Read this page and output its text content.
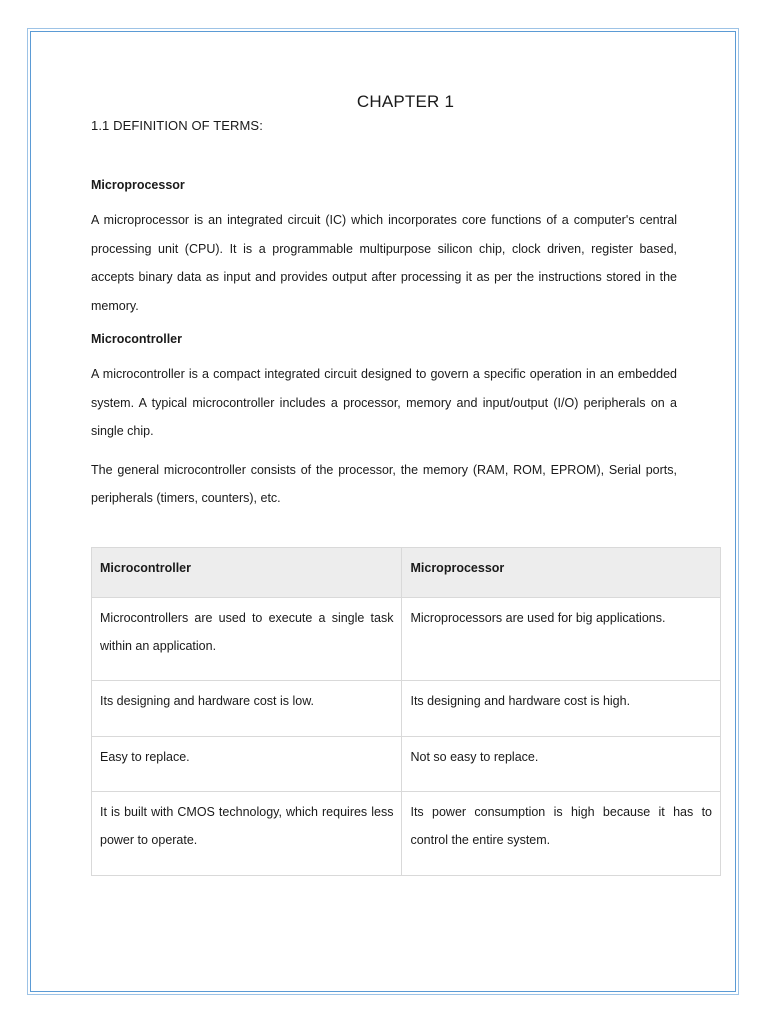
CHAPTER 1
1.1 DEFINITION OF TERMS:
Microprocessor

A microprocessor is an integrated circuit (IC) which incorporates core functions of a computer's central processing unit (CPU). It is a programmable multipurpose silicon chip, clock driven, register based, accepts binary data as input and provides output after processing it as per the instructions stored in the memory.

Microcontroller

A microcontroller is a compact integrated circuit designed to govern a specific operation in an embedded system. A typical microcontroller includes a processor, memory and input/output (I/O) peripherals on a single chip.

The general microcontroller consists of the processor, the memory (RAM, ROM, EPROM), Serial ports, peripherals (timers, counters), etc.

Microcontroller	Microprocessor
Microcontrollers are used to execute a single task within an application.	Microprocessors are used for big applications.
Its designing and hardware cost is low.	Its designing and hardware cost is high.
Easy to replace.	Not so easy to replace.
It is built with CMOS technology, which requires less power to operate.	Its power consumption is high because it has to control the entire system.
